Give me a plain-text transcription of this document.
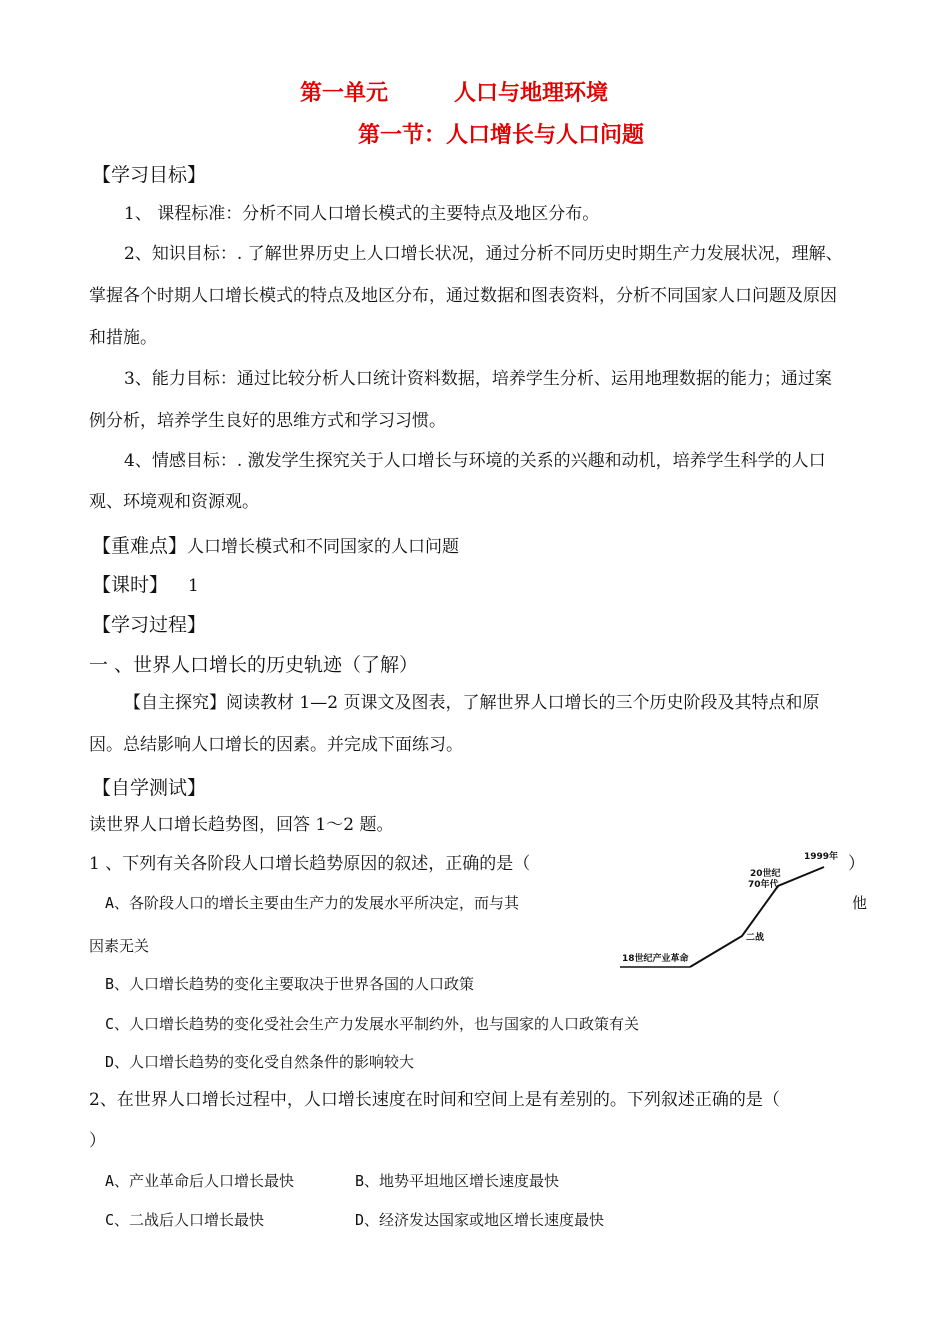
第一单元	人口与地理环境
第一节：人口增长与人口问题
【学习目标】
1、 课程标准：分析不同人口增长模式的主要特点及地区分布。
2、知识目标：. 了解世界历史上人口增长状况，通过分析不同历史时期生产力发展状况，理解、
掌握各个时期人口增长模式的特点及地区分布，通过数据和图表资料，分析不同国家人口问题及原因
和措施。
3、能力目标：通过比较分析人口统计资料数据，培养学生分析、运用地理数据的能力；通过案
例分析，培养学生良好的思维方式和学习习惯。
4、情感目标：. 激发学生探究关于人口增长与环境的关系的兴趣和动机，培养学生科学的人口
观、环境观和资源观。
【重难点】人口增长模式和不同国家的人口问题
【课时】 1
【学习过程】
一 、世界人口增长的历史轨迹（了解）
【自主探究】阅读教材 1—2 页课文及图表，了解世界人口增长的三个历史阶段及其特点和原
因。总结影响人口增长的因素。并完成下面练习。
【自学测试】
读世界人口增长趋势图，回答 1～2 题。
1 、下列有关各阶段人口增长趋势原因的叙述，正确的是（	）
A、各阶段人口的增长主要由生产力的发展水平所决定，而与其	他
因素无关
B、人口增长趋势的变化主要取决于世界各国的人口政策
C、人口增长趋势的变化受社会生产力发展水平制约外，也与国家的人口政策有关
D、人口增长趋势的变化受自然条件的影响较大
2、在世界人口增长过程中，人口增长速度在时间和空间上是有差别的。下列叙述正确的是（
）
A、产业革命后人口增长最快	B、地势平坦地区增长速度最快
C、二战后人口增长最快	D、经济发达国家或地区增长速度最快
18世纪产业革命
二战
20世纪
70年代
1999年
